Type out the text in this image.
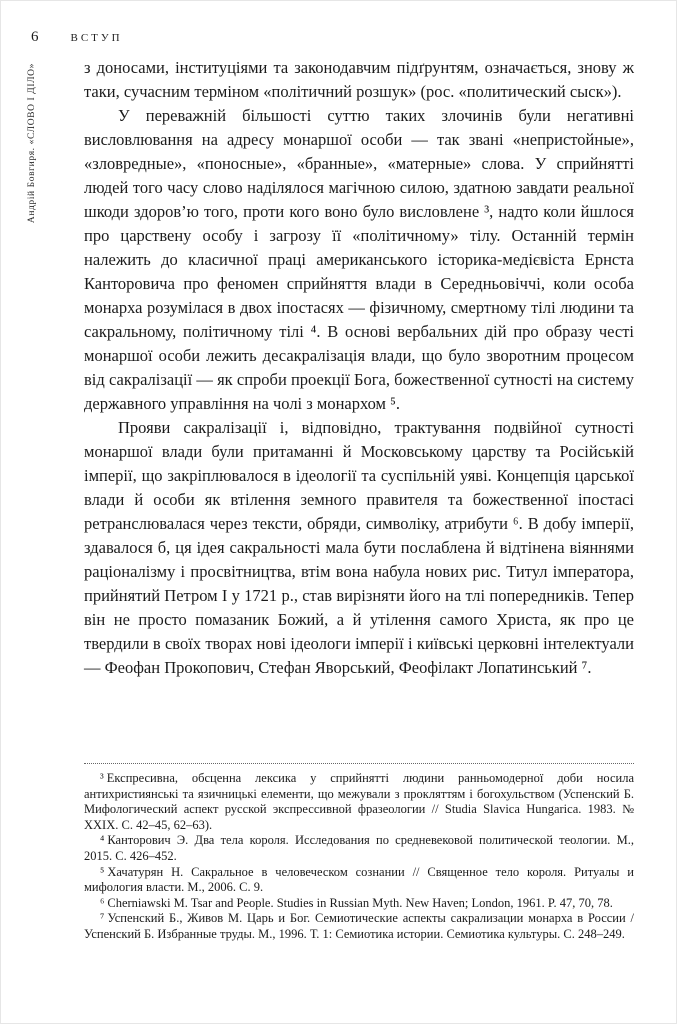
6	ВСТУП
Андрій Бовгиря. «СЛОВО І ДІЛО»	з доносами, інституціями та законодавчим підґрунтям, означається, знову ж таки, сучасним терміном «політичний розшук» (рос. «политический сыск»).

У переважній більшості суттю таких злочинів були негативні висловлювання на адресу монаршої особи — так звані «непристойные», «зловредные», «поносные», «бранные», «матерные» слова. У сприйнятті людей того часу слово наділялося магічною силою, здатною завдати реальної шкоди здоров’ю того, проти кого воно було висловлене ³, надто коли йшлося про царствену особу і загрозу її «політичному» тілу. Останній термін належить до класичної праці американського історика-медієвіста Ернста Канторовича про феномен сприйняття влади в Середньовіччі, коли особа монарха розумілася в двох іпостасях — фізичному, смертному тілі людини та сакральному, політичному тілі ⁴. В основі вербальних дій про образу честі монаршої особи лежить десакралізація влади, що було зворотним процесом від сакралізації — як спроби проекції Бога, божественної сутності на систему державного управління на чолі з монархом ⁵.

Прояви сакралізації і, відповідно, трактування подвійної сутності монаршої влади були притаманні й Московському царству та Російській імперії, що закріплювалося в ідеології та суспільній уяві. Концепція царської влади й особи як втілення земного правителя та божественної іпостасі ретранслювалася через тексти, обряди, символіку, атрибути ⁶. В добу імперії, здавалося б, ця ідея сакральності мала бути послаблена й відтінена віяннями раціоналізму і просвітництва, втім вона набула нових рис. Титул імператора, прийнятий Петром І у 1721 р., став вирізняти його на тлі попередників. Тепер він не просто помазаник Божий, а й утілення самого Христа, як про це твердили в своїх творах нові ідеологи імперії і київські церковні інтелектуали — Феофан Прокопович, Стефан Яворський, Феофілакт Лопатинський ⁷.

³ Експресивна, обсценна лексика у сприйнятті людини ранньомодерної доби носила антихристиянські та язичницькі елементи, що межували з прокляттям і богохульством (Успенский Б. Мифологический аспект русской экспрессивной фразеологии // Studia Slavica Hungarica. 1983. № XXIX. С. 42–45, 62–63).

⁴ Канторович Э. Два тела короля. Исследования по средневековой политической теологии. М., 2015. С. 426–452.

⁵ Хачатурян Н. Сакральное в человеческом сознании // Священное тело короля. Ритуалы и мифология власти. М., 2006. С. 9.

⁶ Cherniawski M. Tsar and People. Studies in Russian Myth. New Haven; London, 1961. P. 47, 70, 78.

⁷ Успенский Б., Живов М. Царь и Бог. Семиотические аспекты сакрализации монарха в России / Успенский Б. Избранные труды. М., 1996. Т. 1: Семиотика истории. Семиотика культуры. С. 248–249.
